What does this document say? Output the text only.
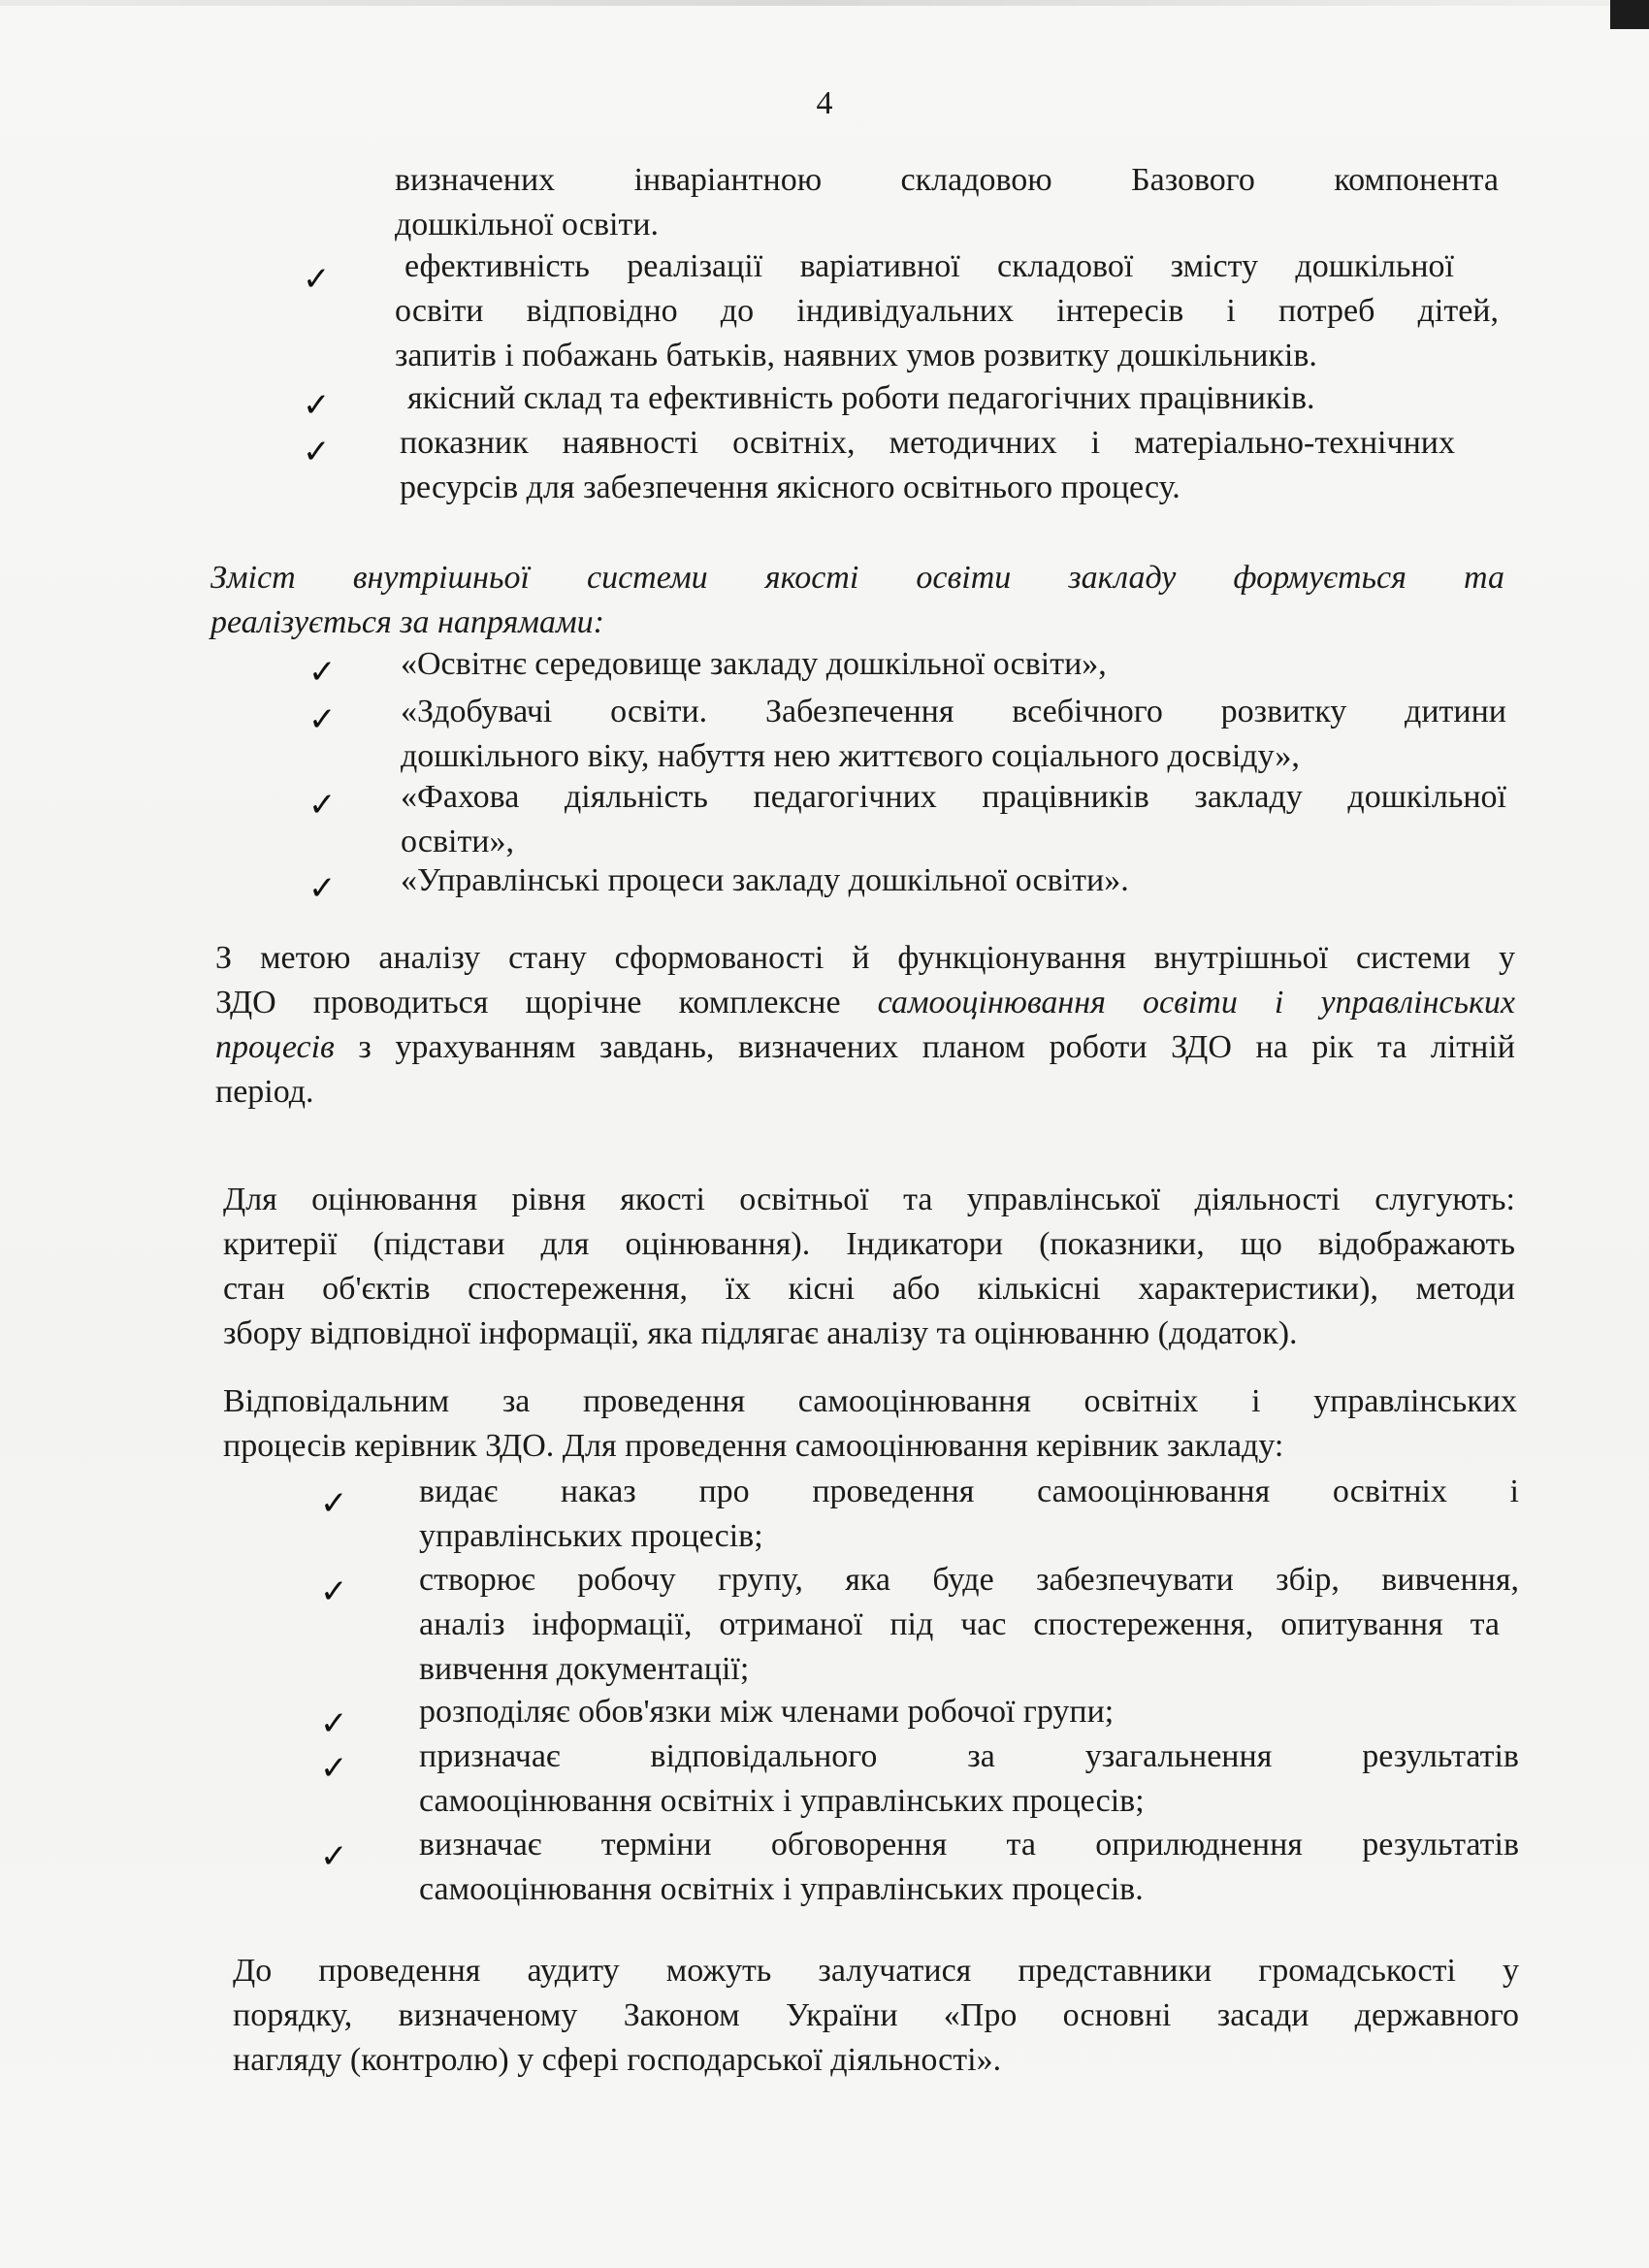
4
визначених інваріантною складовою Базового компонента
дошкільної освіти.
✓ ефективність реалізації варіативної складової змісту дошкільної
освіти відповідно до індивідуальних інтересів і потреб дітей,
запитів і побажань батьків, наявних умов розвитку дошкільників.
✓ якісний склад та ефективність роботи педагогічних працівників.
✓ показник наявності освітніх, методичних і матеріально-технічних
ресурсів для забезпечення якісного освітнього процесу.
Зміст внутрішньої системи якості освіти закладу формується та
реалізується за напрямами:
✓ «Освітнє середовище закладу дошкільної освіти»,
✓ «Здобувачі освіти. Забезпечення всебічного розвитку дитини
дошкільного віку, набуття нею життєвого соціального досвіду»,
✓ «Фахова діяльність педагогічних працівників закладу дошкільної
освіти»,
✓ «Управлінські процеси закладу дошкільної освіти».
З метою аналізу стану сформованості й функціонування внутрішньої системи у
ЗДО проводиться щорічне комплексне самооцінювання освіти і управлінських
процесів з урахуванням завдань, визначених планом роботи ЗДО на рік та літній
період.
Для оцінювання рівня якості освітньої та управлінської діяльності слугують:
критерії (підстави для оцінювання). Індикатори (показники, що відображають
стан об'єктів спостереження, їх кісні або кількісні характеристики), методи
збору відповідної інформації, яка підлягає аналізу та оцінюванню (додаток).
Відповідальним за проведення самооцінювання освітніх і управлінських
процесів керівник ЗДО. Для проведення самооцінювання керівник закладу:
✓ видає наказ про проведення самооцінювання освітніх і
управлінських процесів;
✓ створює робочу групу, яка буде забезпечувати збір, вивчення,
аналіз інформації, отриманої під час спостереження, опитування та
вивчення документації;
✓ розподіляє обов'язки між членами робочої групи;
✓ призначає відповідального за узагальнення результатів
самооцінювання освітніх і управлінських процесів;
✓ визначає терміни обговорення та оприлюднення результатів
самооцінювання освітніх і управлінських процесів.
До проведення аудиту можуть залучатися представники громадськості у
порядку, визначеному Законом України «Про основні засади державного
нагляду (контролю) у сфері господарської діяльності».
